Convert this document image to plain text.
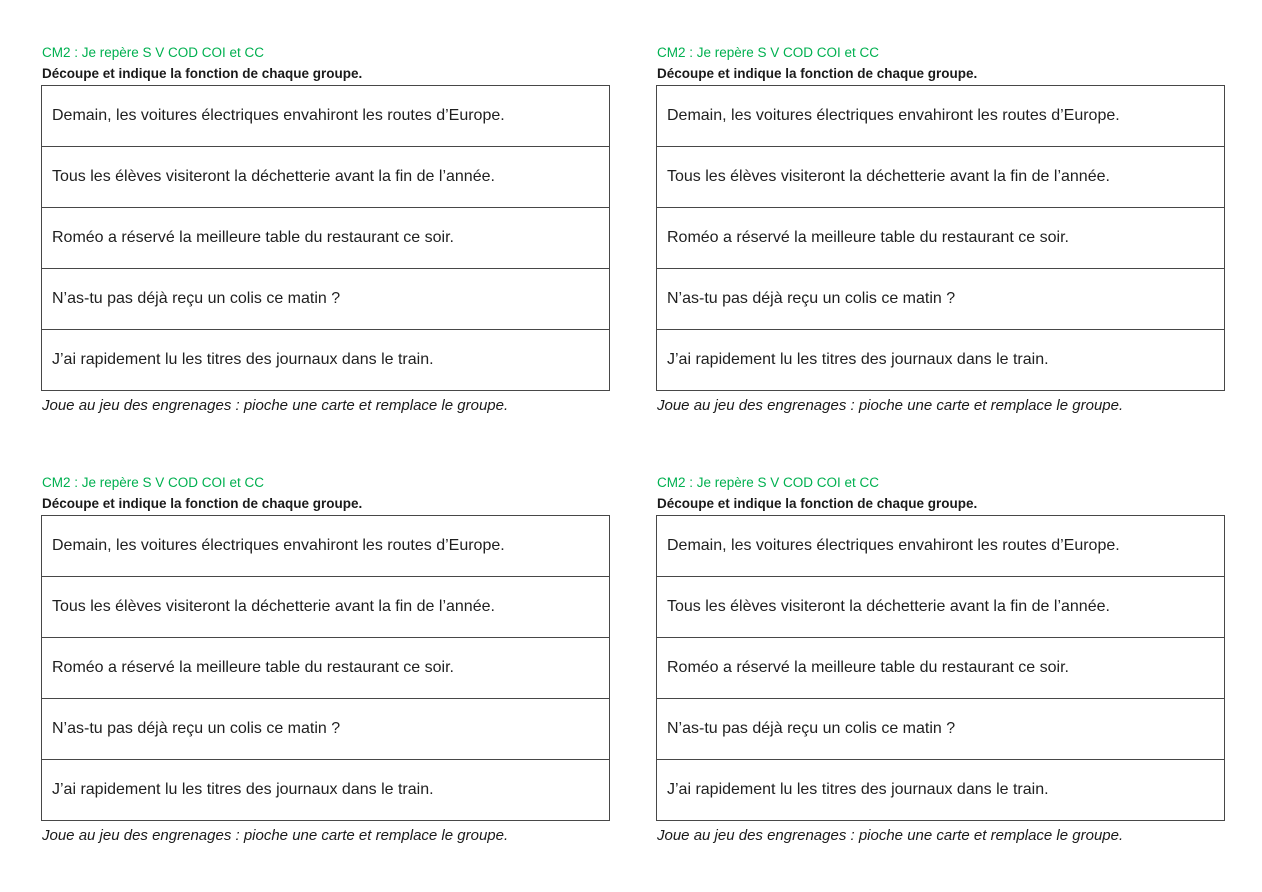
CM2 : Je repère S V COD COI et CC
Découpe et indique la fonction de chaque groupe.
Demain, les voitures électriques envahiront les routes d’Europe.
Tous les élèves visiteront la déchetterie avant la fin de l’année.
Roméo a réservé la meilleure table du restaurant ce soir.
N’as-tu pas déjà reçu un colis ce matin ?
J’ai rapidement lu les titres des journaux dans le train.
Joue au jeu des engrenages : pioche une carte et remplace le groupe.
CM2 : Je repère S V COD COI et CC
Découpe et indique la fonction de chaque groupe.
Demain, les voitures électriques envahiront les routes d’Europe.
Tous les élèves visiteront la déchetterie avant la fin de l’année.
Roméo a réservé la meilleure table du restaurant ce soir.
N’as-tu pas déjà reçu un colis ce matin ?
J’ai rapidement lu les titres des journaux dans le train.
Joue au jeu des engrenages : pioche une carte et remplace le groupe.
CM2 : Je repère S V COD COI et CC
Découpe et indique la fonction de chaque groupe.
Demain, les voitures électriques envahiront les routes d’Europe.
Tous les élèves visiteront la déchetterie avant la fin de l’année.
Roméo a réservé la meilleure table du restaurant ce soir.
N’as-tu pas déjà reçu un colis ce matin ?
J’ai rapidement lu les titres des journaux dans le train.
Joue au jeu des engrenages : pioche une carte et remplace le groupe.
CM2 : Je repère S V COD COI et CC
Découpe et indique la fonction de chaque groupe.
Demain, les voitures électriques envahiront les routes d’Europe.
Tous les élèves visiteront la déchetterie avant la fin de l’année.
Roméo a réservé la meilleure table du restaurant ce soir.
N’as-tu pas déjà reçu un colis ce matin ?
J’ai rapidement lu les titres des journaux dans le train.
Joue au jeu des engrenages : pioche une carte et remplace le groupe.
